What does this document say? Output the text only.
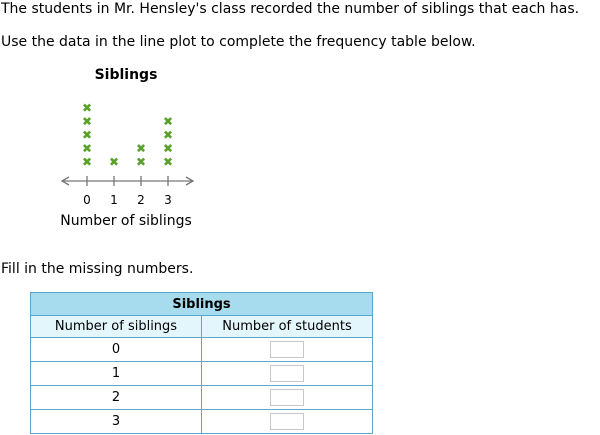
The students in Mr. Hensley's class recorded the number of siblings that each has.

Use the data in the line plot to complete the frequency table below.

Siblings
Number of siblings
0
✖
✖
✖
✖
✖
1
✖
2
✖
✖
3
✖
✖
✖
✖

Fill in the missing numbers.

Siblings	
Number of siblings	Number of students
0	
1	
2	
3	
